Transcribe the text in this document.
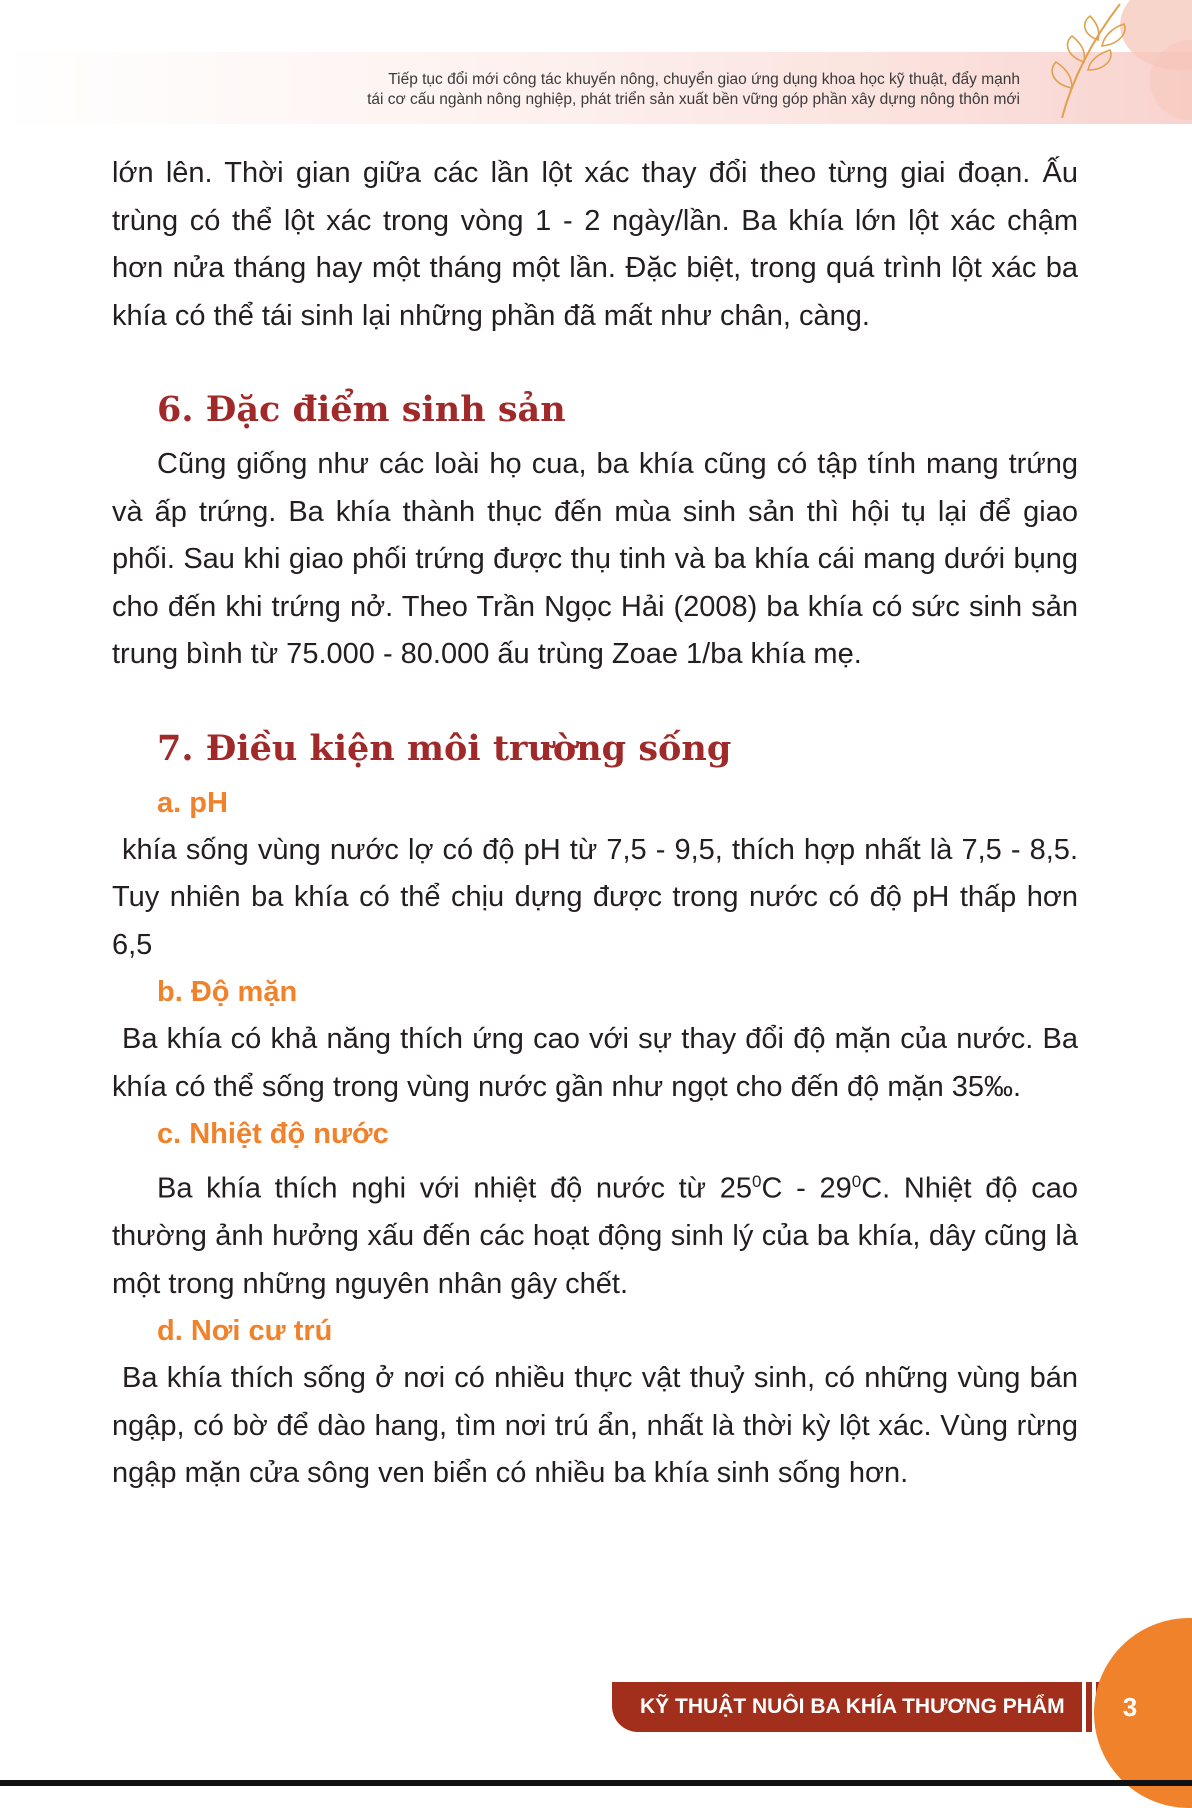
Tiếp tục đổi mới công tác khuyến nông, chuyển giao ứng dụng khoa học kỹ thuật, đẩy mạnh
tái cơ cấu ngành nông nghiệp, phát triển sản xuất bền vững góp phần xây dựng nông thôn mới

lớn lên. Thời gian giữa các lần lột xác thay đổi theo từng giai đoạn. Ấu trùng có thể lột xác trong vòng 1 - 2 ngày/lần. Ba khía lớn lột xác chậm hơn nửa tháng hay một tháng một lần. Đặc biệt, trong quá trình lột xác ba khía có thể tái sinh lại những phần đã mất như chân, càng.

6. Đặc điểm sinh sản

Cũng giống như các loài họ cua, ba khía cũng có tập tính mang trứng và ấp trứng. Ba khía thành thục đến mùa sinh sản thì hội tụ lại để giao phối. Sau khi giao phối trứng được thụ tinh và ba khía cái mang dưới bụng cho đến khi trứng nở. Theo Trần Ngọc Hải (2008) ba khía có sức sinh sản trung bình từ 75.000 - 80.000 ấu trùng Zoae 1/ba khía mẹ.

7. Điều kiện môi trường sống
a. pH

khía sống vùng nước lợ có độ pH từ 7,5 - 9,5, thích hợp nhất là 7,5 - 8,5. Tuy nhiên ba khía có thể chịu dựng được trong nước có độ pH thấp hơn 6,5

b. Độ mặn

Ba khía có khả năng thích ứng cao với sự thay đổi độ mặn của nước. Ba khía có thể sống trong vùng nước gần như ngọt cho đến độ mặn 35‰.

c. Nhiệt độ nước

Ba khía thích nghi với nhiệt độ nước từ $25^0C - 29^0C$. Nhiệt độ cao thường ảnh hưởng xấu đến các hoạt động sinh lý của ba khía, dây cũng là một trong những nguyên nhân gây chết.

d. Nơi cư trú

Ba khía thích sống ở nơi có nhiều thực vật thuỷ sinh, có những vùng bán ngập, có bờ để dào hang, tìm nơi trú ẩn, nhất là thời kỳ lột xác. Vùng rừng ngập mặn cửa sông ven biển có nhiều ba khía sinh sống hơn.

KỸ THUẬT NUÔI BA KHÍA THƯƠNG PHẨM	3
